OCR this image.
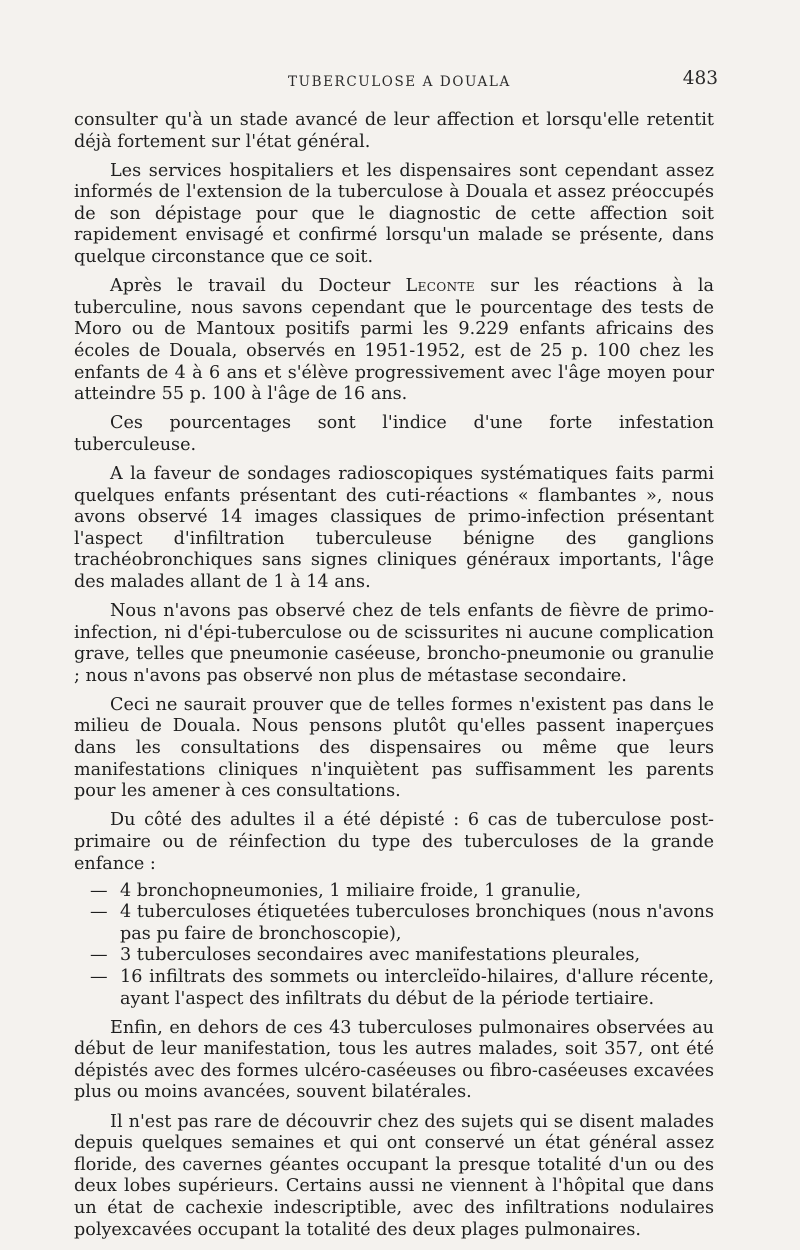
TUBERCULOSE A DOUALA	483

consulter qu'à un stade avancé de leur affection et lorsqu'elle retentit déjà fortement sur l'état général.

Les services hospitaliers et les dispensaires sont cependant assez informés de l'extension de la tuberculose à Douala et assez préoccupés de son dépistage pour que le diagnostic de cette affection soit rapidement envisagé et confirmé lorsqu'un malade se présente, dans quelque circonstance que ce soit.

Après le travail du Docteur Leconte sur les réactions à la tuberculine, nous savons cependant que le pourcentage des tests de Moro ou de Mantoux positifs parmi les 9.229 enfants africains des écoles de Douala, observés en 1951-1952, est de 25 p. 100 chez les enfants de 4 à 6 ans et s'élève progressivement avec l'âge moyen pour atteindre 55 p. 100 à l'âge de 16 ans.

Ces pourcentages sont l'indice d'une forte infestation tuberculeuse.

A la faveur de sondages radioscopiques systématiques faits parmi quelques enfants présentant des cuti-réactions « flambantes », nous avons observé 14 images classiques de primo-infection présentant l'aspect d'infiltration tuberculeuse bénigne des ganglions trachéobronchiques sans signes cliniques généraux importants, l'âge des malades allant de 1 à 14 ans.

Nous n'avons pas observé chez de tels enfants de fièvre de primo-infection, ni d'épi-tuberculose ou de scissurites ni aucune complication grave, telles que pneumonie caséeuse, broncho-pneumonie ou granulie ; nous n'avons pas observé non plus de métastase secondaire.

Ceci ne saurait prouver que de telles formes n'existent pas dans le milieu de Douala. Nous pensons plutôt qu'elles passent inaperçues dans les consultations des dispensaires ou même que leurs manifestations cliniques n'inquiètent pas suffisamment les parents pour les amener à ces consultations.

Du côté des adultes il a été dépisté : 6 cas de tuberculose post-primaire ou de réinfection du type des tuberculoses de la grande enfance :

— 4 bronchopneumonies, 1 miliaire froide, 1 granulie,
— 4 tuberculoses étiquetées tuberculoses bronchiques (nous n'avons pas pu faire de bronchoscopie),
— 3 tuberculoses secondaires avec manifestations pleurales,
— 16 infiltrats des sommets ou intercleïdo-hilaires, d'allure récente, ayant l'aspect des infiltrats du début de la période tertiaire.

Enfin, en dehors de ces 43 tuberculoses pulmonaires observées au début de leur manifestation, tous les autres malades, soit 357, ont été dépistés avec des formes ulcéro-caséeuses ou fibro-caséeuses excavées plus ou moins avancées, souvent bilatérales.

Il n'est pas rare de découvrir chez des sujets qui se disent malades depuis quelques semaines et qui ont conservé un état général assez floride, des cavernes géantes occupant la presque totalité d'un ou des deux lobes supérieurs. Certains aussi ne viennent à l'hôpital que dans un état de cachexie indescriptible, avec des infiltrations nodulaires polyexcavées occupant la totalité des deux plages pulmonaires.
